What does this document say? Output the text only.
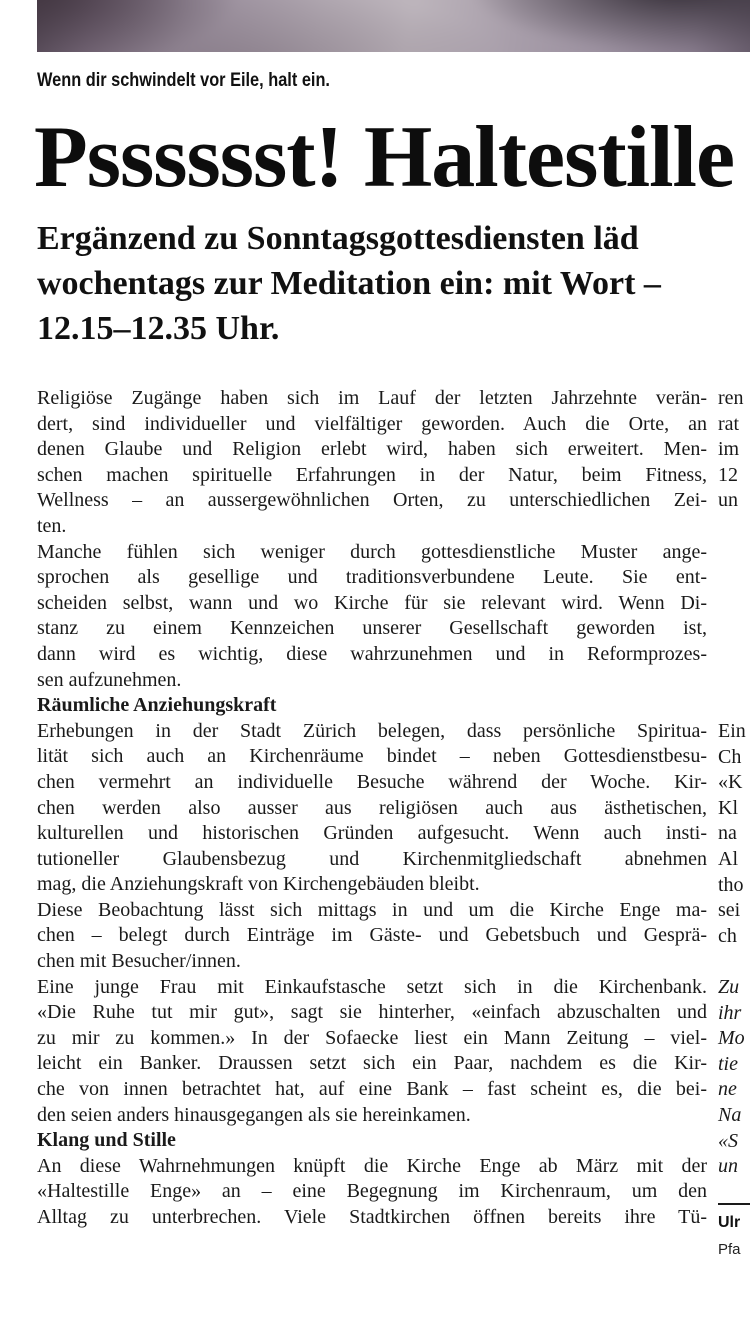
Wenn dir schwindelt vor Eile, halt ein.
Psssssst! Haltestille
Ergänzend zu Sonntagsgottesdiensten läd
wochentags zur Meditation ein: mit Wort –
12.15–12.35 Uhr.
Religiöse Zugänge haben sich im Lauf der letzten Jahrzehnte verän-
dert, sind individueller und vielfältiger geworden. Auch die Orte, an
denen Glaube und Religion erlebt wird, haben sich erweitert. Men-
schen machen spirituelle Erfahrungen in der Natur, beim Fitness,
Wellness – an aussergewöhnlichen Orten, zu unterschiedlichen Zei-
ten.
Manche fühlen sich weniger durch gottesdienstliche Muster ange-
sprochen als gesellige und traditionsverbundene Leute. Sie ent-
scheiden selbst, wann und wo Kirche für sie relevant wird. Wenn Di-
stanz zu einem Kennzeichen unserer Gesellschaft geworden ist,
dann wird es wichtig, diese wahrzunehmen und in Reformprozes-
sen aufzunehmen.
Räumliche Anziehungskraft
Erhebungen in der Stadt Zürich belegen, dass persönliche Spiritua-
lität sich auch an Kirchenräume bindet – neben Gottesdienstbesu-
chen vermehrt an individuelle Besuche während der Woche. Kir-
chen werden also ausser aus religiösen auch aus ästhetischen,
kulturellen und historischen Gründen aufgesucht. Wenn auch insti-
tutioneller Glaubensbezug und Kirchenmitgliedschaft abnehmen
mag, die Anziehungskraft von Kirchengebäuden bleibt.
Diese Beobachtung lässt sich mittags in und um die Kirche Enge ma-
chen – belegt durch Einträge im Gäste- und Gebetsbuch und Gesprä-
chen mit Besucher/innen.
Eine junge Frau mit Einkaufstasche setzt sich in die Kirchenbank.
«Die Ruhe tut mir gut», sagt sie hinterher, «einfach abzuschalten und
zu mir zu kommen.» In der Sofaecke liest ein Mann Zeitung – viel-
leicht ein Banker. Draussen setzt sich ein Paar, nachdem es die Kir-
che von innen betrachtet hat, auf eine Bank – fast scheint es, die bei-
den seien anders hinausgegangen als sie hereinkamen.
Klang und Stille
An diese Wahrnehmungen knüpft die Kirche Enge ab März mit der
«Haltestille Enge» an – eine Begegnung im Kirchenraum, um den
Alltag zu unterbrechen. Viele Stadtkirchen öffnen bereits ihre Tü-
ren
rat
im
12
un
Ein
Ch
«K
Kl
na
Al
tho
sei
ch
Zu
ihr
Mo
tie
ne
Na
«S
un
Ulr
Pfa
